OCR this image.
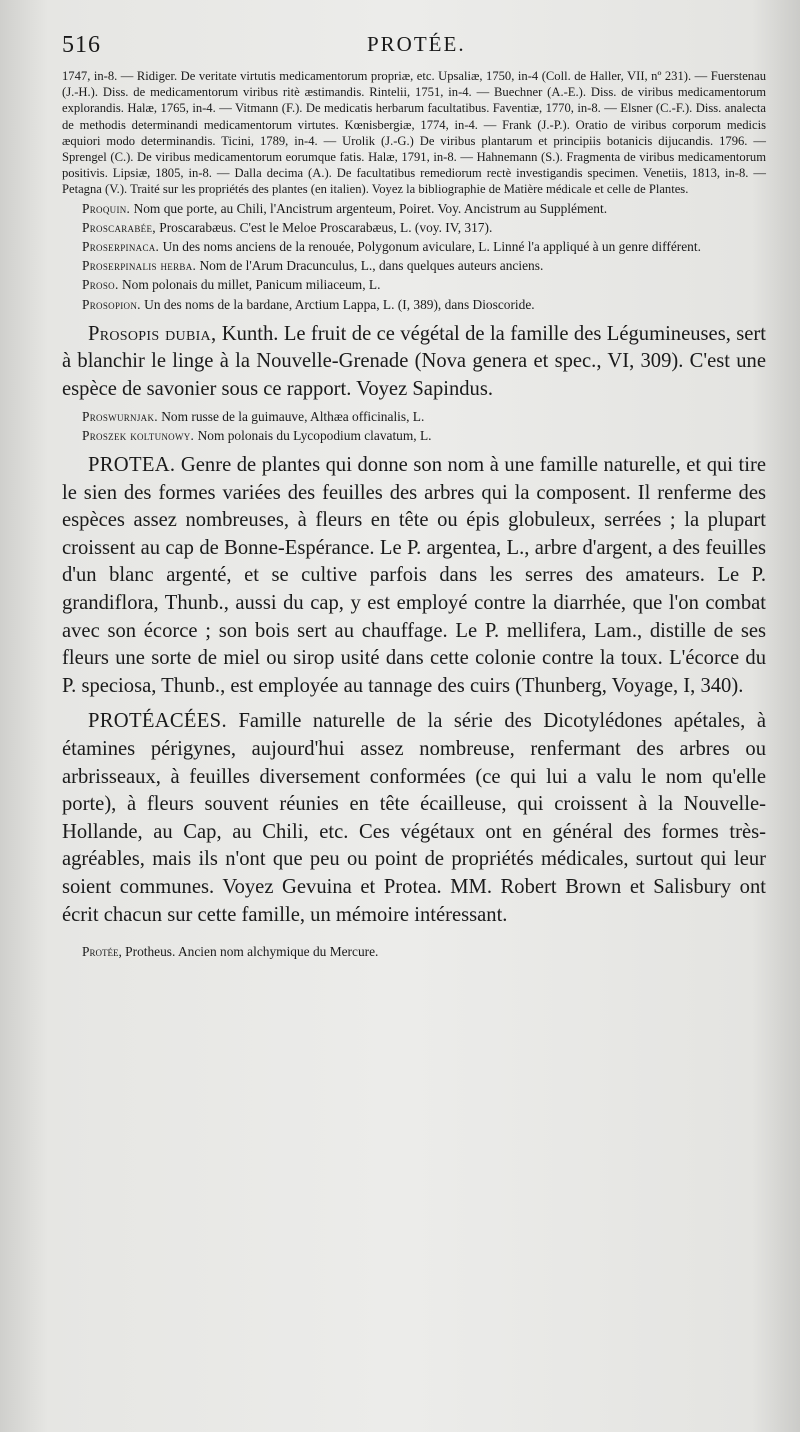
516	PROTÉE.

1747, in-8. — Ridiger. De veritate virtutis medicamentorum propriæ, etc. Upsaliæ, 1750, in-4 (Coll. de Haller, VII, nº 231). — Fuerstenau (J.-H.). Diss. de medicamentorum viribus ritè æstimandis. Rintelii, 1751, in-4. — Buechner (A.-E.). Diss. de viribus medicamentorum explorandis. Halæ, 1765, in-4. — Vitmann (F.). De medicatis herbarum facultatibus. Faventiæ, 1770, in-8. — Elsner (C.-F.). Diss. analecta de methodis determinandi medicamentorum virtutes. Kœnisbergiæ, 1774, in-4. — Frank (J.-P.). Oratio de viribus corporum medicis æquiori modo determinandis. Ticini, 1789, in-4. — Urolik (J.-G.) De viribus plantarum et principiis botanicis dijucandis. 1796. — Sprengel (C.). De viribus medicamentorum eorumque fatis. Halæ, 1791, in-8. — Hahnemann (S.). Fragmenta de viribus medicamentorum positivis. Lipsiæ, 1805, in-8. — Dalla decima (A.). De facultatibus remediorum rectè investigandis specimen. Venetiis, 1813, in-8. — Petagna (V.). Traité sur les propriétés des plantes (en italien). Voyez la bibliographie de Matière médicale et celle de Plantes.

Proquin. Nom que porte, au Chili, l'Ancistrum argenteum, Poiret. Voy. Ancistrum au Supplément.

Proscarabée, Proscarabæus. C'est le Meloe Proscarabæus, L. (voy. IV, 317).

Proserpinaca. Un des noms anciens de la renouée, Polygonum aviculare, L. Linné l'a appliqué à un genre différent.

Proserpinalis herba. Nom de l'Arum Dracunculus, L., dans quelques auteurs anciens.

Proso. Nom polonais du millet, Panicum miliaceum, L.

Prosopion. Un des noms de la bardane, Arctium Lappa, L. (I, 389), dans Dioscoride.

Prosopis dubia, Kunth. Le fruit de ce végétal de la famille des Légumineuses, sert à blanchir le linge à la Nouvelle-Grenade (Nova genera et spec., VI, 309). C'est une espèce de savonier sous ce rapport. Voyez Sapindus.

Proswurnjak. Nom russe de la guimauve, Althæa officinalis, L.

Proszek koltunowy. Nom polonais du Lycopodium clavatum, L.

PROTEA. Genre de plantes qui donne son nom à une famille naturelle, et qui tire le sien des formes variées des feuilles des arbres qui la composent. Il renferme des espèces assez nombreuses, à fleurs en tête ou épis globuleux, serrées ; la plupart croissent au cap de Bonne-Espérance. Le P. argentea, L., arbre d'argent, a des feuilles d'un blanc argenté, et se cultive parfois dans les serres des amateurs. Le P. grandiflora, Thunb., aussi du cap, y est employé contre la diarrhée, que l'on combat avec son écorce ; son bois sert au chauffage. Le P. mellifera, Lam., distille de ses fleurs une sorte de miel ou sirop usité dans cette colonie contre la toux. L'écorce du P. speciosa, Thunb., est employée au tannage des cuirs (Thunberg, Voyage, I, 340).

PROTÉACÉES. Famille naturelle de la série des Dicotylédones apétales, à étamines périgynes, aujourd'hui assez nombreuse, renfermant des arbres ou arbrisseaux, à feuilles diversement conformées (ce qui lui a valu le nom qu'elle porte), à fleurs souvent réunies en tête écailleuse, qui croissent à la Nouvelle-Hollande, au Cap, au Chili, etc. Ces végétaux ont en général des formes très-agréables, mais ils n'ont que peu ou point de propriétés médicales, surtout qui leur soient communes. Voyez Gevuina et Protea. MM. Robert Brown et Salisbury ont écrit chacun sur cette famille, un mémoire intéressant.

Protée, Protheus. Ancien nom alchymique du Mercure.
